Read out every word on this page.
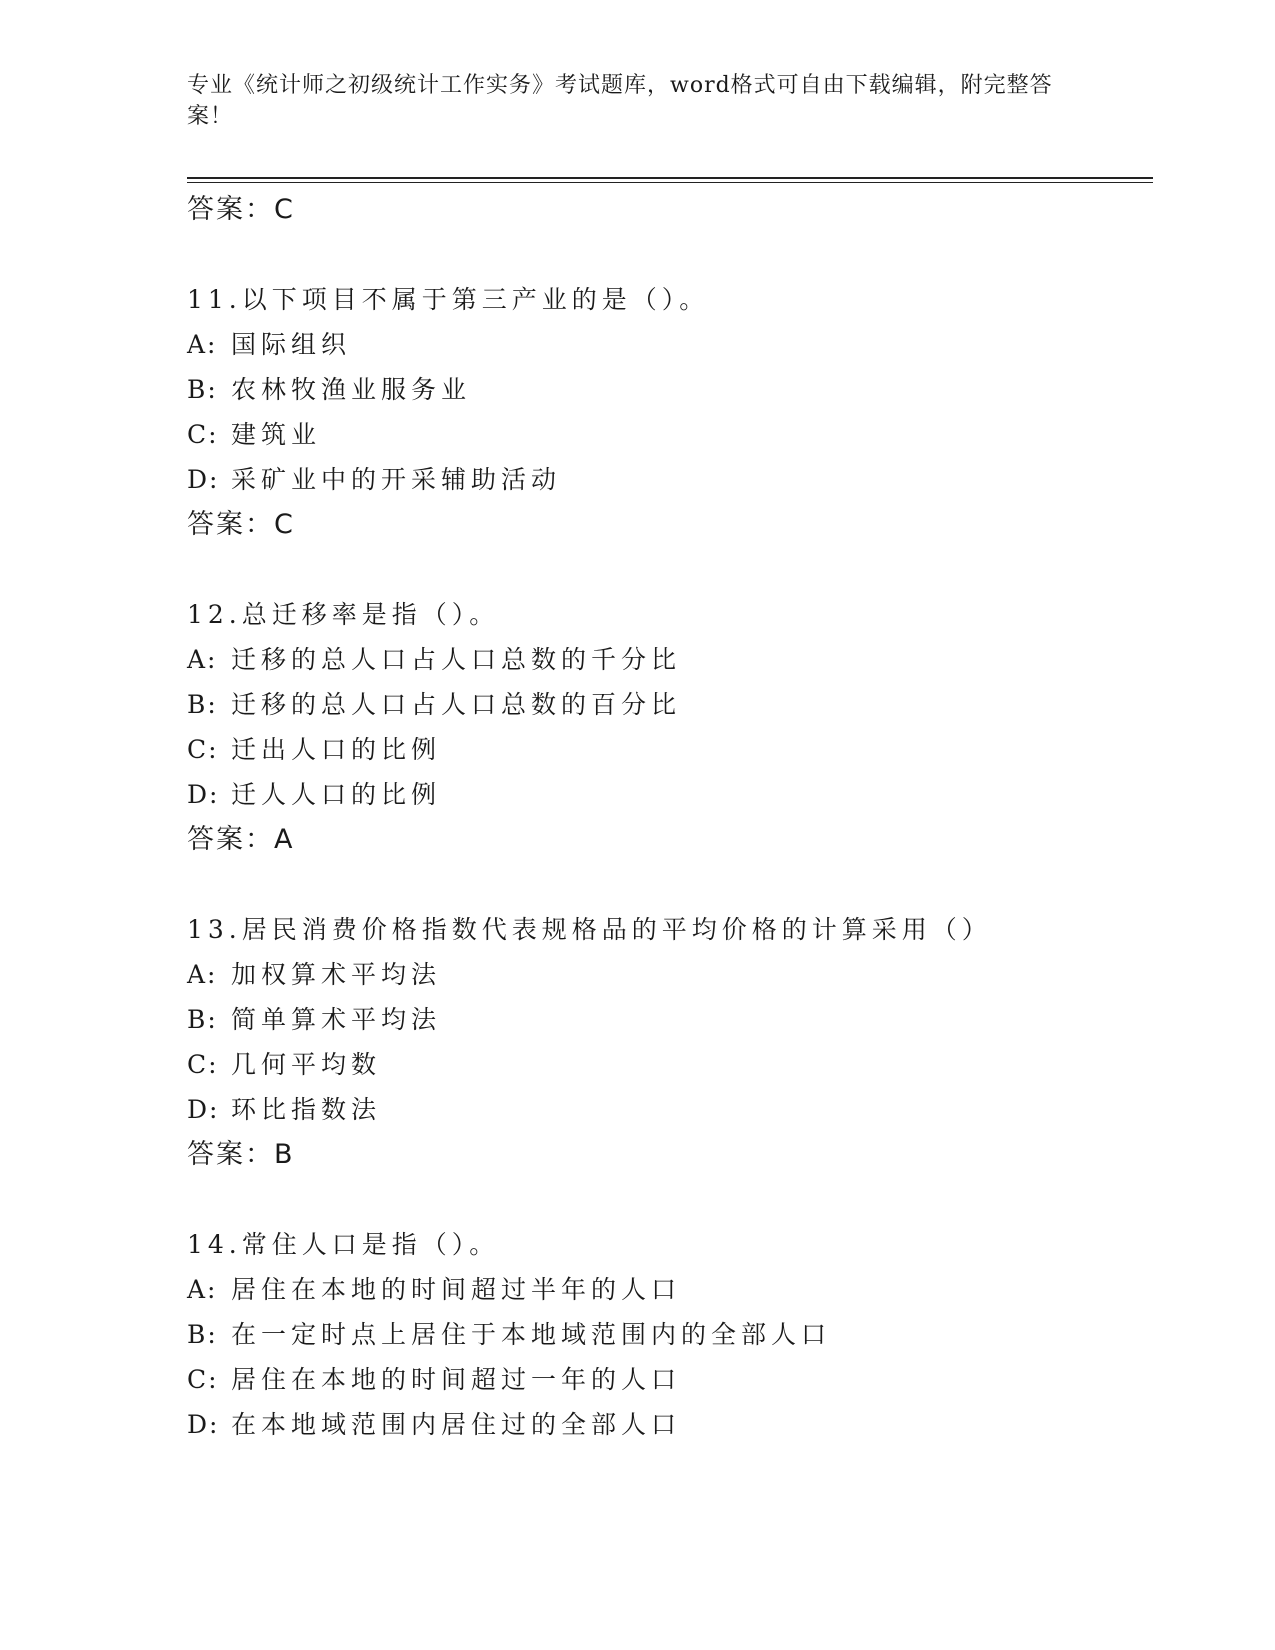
专业《统计师之初级统计工作实务》考试题库，word格式可自由下载编辑，附完整答案！
答案：C
11.以下项目不属于第三产业的是（）。
A: 国际组织
B: 农林牧渔业服务业
C: 建筑业
D: 采矿业中的开采辅助活动
答案：C
12.总迁移率是指（）。
A: 迁移的总人口占人口总数的千分比
B: 迁移的总人口占人口总数的百分比
C: 迁出人口的比例
D: 迁人人口的比例
答案：A
13.居民消费价格指数代表规格品的平均价格的计算采用（）
A: 加权算术平均法
B: 简单算术平均法
C: 几何平均数
D: 环比指数法
答案：B
14.常住人口是指（）。
A: 居住在本地的时间超过半年的人口
B: 在一定时点上居住于本地域范围内的全部人口
C: 居住在本地的时间超过一年的人口
D: 在本地域范围内居住过的全部人口
